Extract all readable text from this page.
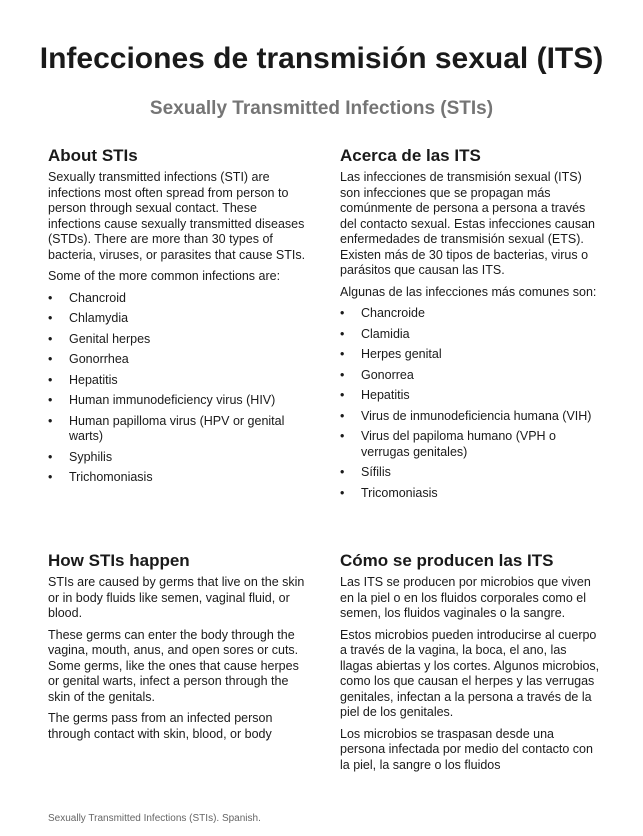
Infecciones de transmisión sexual (ITS)
Sexually Transmitted Infections (STIs)
About STIs

Sexually transmitted infections (STI) are infections most often spread from person to person through sexual contact. These infections cause sexually transmitted diseases (STDs). There are more than 30 types of bacteria, viruses, or parasites that cause STIs.

Some of the more common infections are:

• Chancroid
• Chlamydia
• Genital herpes
• Gonorrhea
• Hepatitis
• Human immunodeficiency virus (HIV)
• Human papilloma virus (HPV or genital warts)
• Syphilis
• Trichomoniasis
Acerca de las ITS

Las infecciones de transmisión sexual (ITS) son infecciones que se propagan más comúnmente de persona a persona a través del contacto sexual. Estas infecciones causan enfermedades de transmisión sexual (ETS). Existen más de 30 tipos de bacterias, virus o parásitos que causan las ITS.

Algunas de las infecciones más comunes son:

• Chancroide
• Clamidia
• Herpes genital
• Gonorrea
• Hepatitis
• Virus de inmunodeficiencia humana (VIH)
• Virus del papiloma humano (VPH o verrugas genitales)
• Sífilis
• Tricomoniasis
How STIs happen

STIs are caused by germs that live on the skin or in body fluids like semen, vaginal fluid, or blood.

These germs can enter the body through the vagina, mouth, anus, and open sores or cuts. Some germs, like the ones that cause herpes or genital warts, infect a person through the skin of the genitals.

The germs pass from an infected person through contact with skin, blood, or body

Cómo se producen las ITS

Las ITS se producen por microbios que viven en la piel o en los fluidos corporales como el semen, los fluidos vaginales o la sangre.

Estos microbios pueden introducirse al cuerpo a través de la vagina, la boca, el ano, las llagas abiertas y los cortes. Algunos microbios, como los que causan el herpes y las verrugas genitales, infectan a la persona a través de la piel de los genitales.

Los microbios se traspasan desde una persona infectada por medio del contacto con la piel, la sangre o los fluidos

Sexually Transmitted Infections (STIs). Spanish.
